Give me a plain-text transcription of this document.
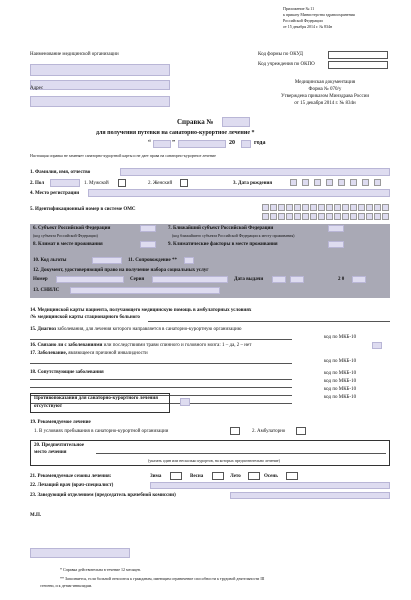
Приложение № 11
к приказу Министерства здравоохранения
Российской Федерации
от 15 декабря 2014 г. № 834н
Наименование медицинской организации
Адрес
Код формы по ОКУД
Код учреждения по ОКПО
Медицинская документация
Форма № 070/у
Утверждена приказом Минздрава России
от 15 декабря 2014 г. № 834н
Справка №
для получения путевки на санаторно-курортное лечение *
“	”	20	года
Настоящая справка не заменяет санаторно-курортной карты и не дает права на санаторно-курортное лечение
1. Фамилия, имя, отчество
2. Пол	1. Мужской	2. Женский	3. Дата рождения
4. Место регистрации
5. Идентификационный номер в системе ОМС
6. Субъект Российской Федерации
(код субъекта Российской Федерации)
7. Ближайший субъект Российской Федерации
(код ближайшего субъекта Российской Федерации к месту проживания)
8. Климат в месте проживания	9. Климатические факторы в месте проживания
10. Код льготы	11. Сопровождение **
12. Документ, удостоверяющий право на получение набора социальных услуг
Номер	Серия	Дата выдачи	2 0
13. СНИЛС
14. Медицинской карты пациента, получающего медицинскую помощь в амбулаторных условиях
/№ медицинской карты стационарного больного
15. Диагноз заболевания, для лечения которого направляется в санаторно-курортную организацию
код по МКБ-10
16. Связано ли с заболеваниями или последствиями травм спинного и головного мозга: 1 – да, 2 – нет
17. Заболевание, являющееся причиной инвалидности
код по МКБ-10
18. Сопутствующие заболевания	код по МКБ-10
код по МКБ-10
код по МКБ-10
код по МКБ-10
Противопоказания для санаторно-курортного лечения
отсутствуют
19. Рекомендуемое лечение
1. В условиях пребывания в санаторно-курортной организации	2. Амбулаторно
20. Предпочтительное
место лечения
(указать один или несколько курортов, на которых предпочтительно лечение)
21. Рекомендуемые сезоны лечения:	Зима	Весна	Лето	Осень
22. Лечащий врач (врач-специалист)
23. Заведующий отделением (председатель врачебной комиссии)
М.П.
* Справка действительна в течение 12 месяцев.
** Заполняется, если больной относится к гражданам, имеющим ограничение способности к трудовой деятельности III
степени, и к детям-инвалидам.
